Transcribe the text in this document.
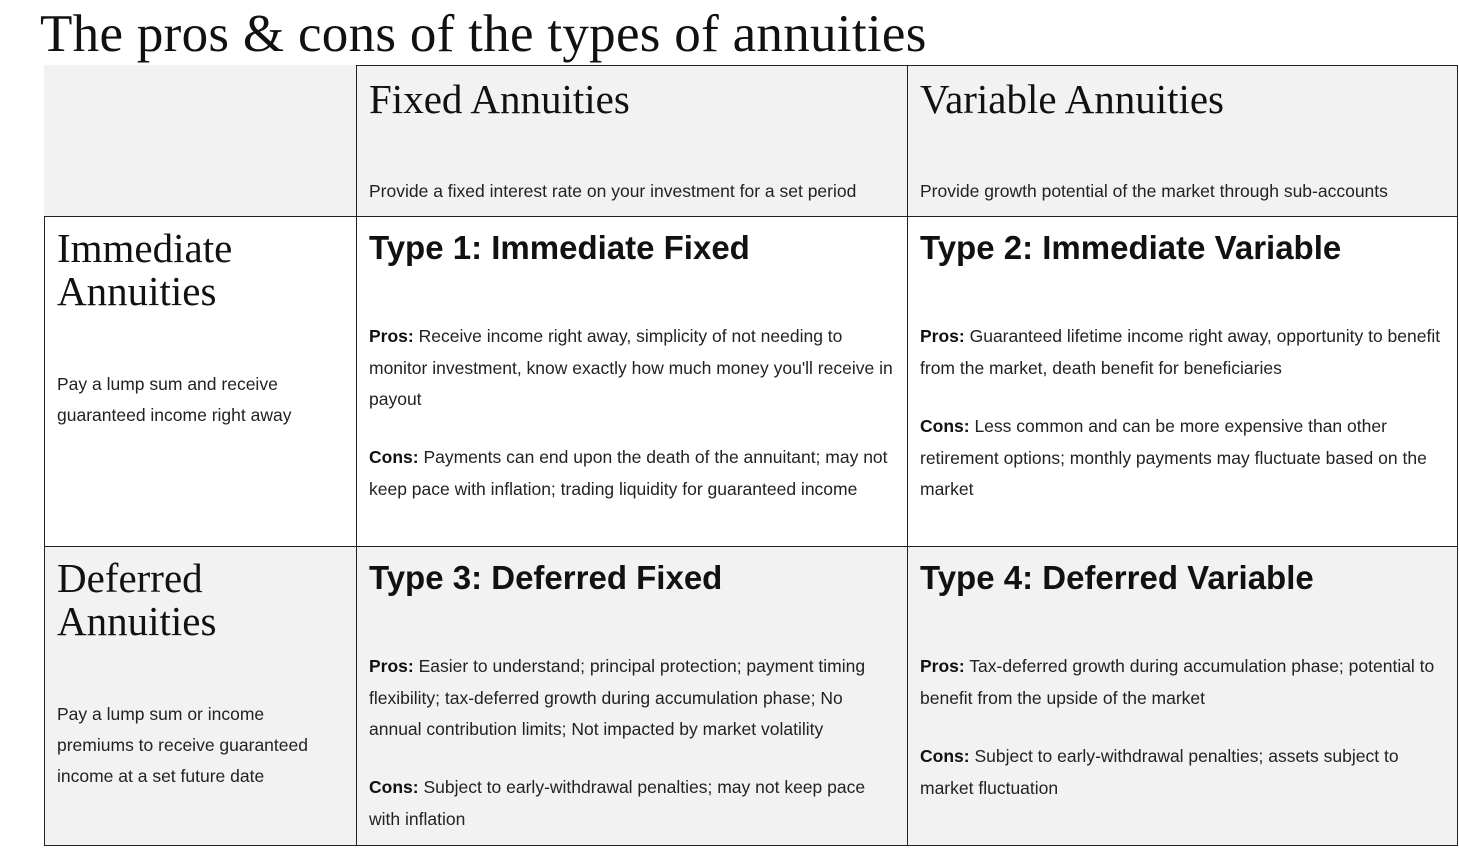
The pros & cons of the types of annuities
Fixed Annuities

Provide a fixed interest rate on your investment for a set period

Variable Annuities

Provide growth potential of the market through sub-accounts

Immediate
Annuities

Pay a lump sum and receive guaranteed income right away

Type 1: Immediate Fixed

Pros: Receive income right away, simplicity of not needing to monitor investment, know exactly how much money you'll receive in payout

Cons: Payments can end upon the death of the annuitant; may not keep pace with inflation; trading liquidity for guaranteed income

Type 2: Immediate Variable

Pros: Guaranteed lifetime income right away, opportunity to benefit from the market, death benefit for beneficiaries

Cons: Less common and can be more expensive than other retirement options; monthly payments may fluctuate based on the market

Deferred
Annuities

Pay a lump sum or income premiums to receive guaranteed income at a set future date

Type 3: Deferred Fixed

Pros: Easier to understand; principal protection; payment timing flexibility; tax-deferred growth during accumulation phase; No annual contribution limits; Not impacted by market volatility

Cons: Subject to early-withdrawal penalties; may not keep pace with inflation

Type 4: Deferred Variable

Pros: Tax-deferred growth during accumulation phase; potential to benefit from the upside of the market

Cons: Subject to early-withdrawal penalties; assets subject to market fluctuation
